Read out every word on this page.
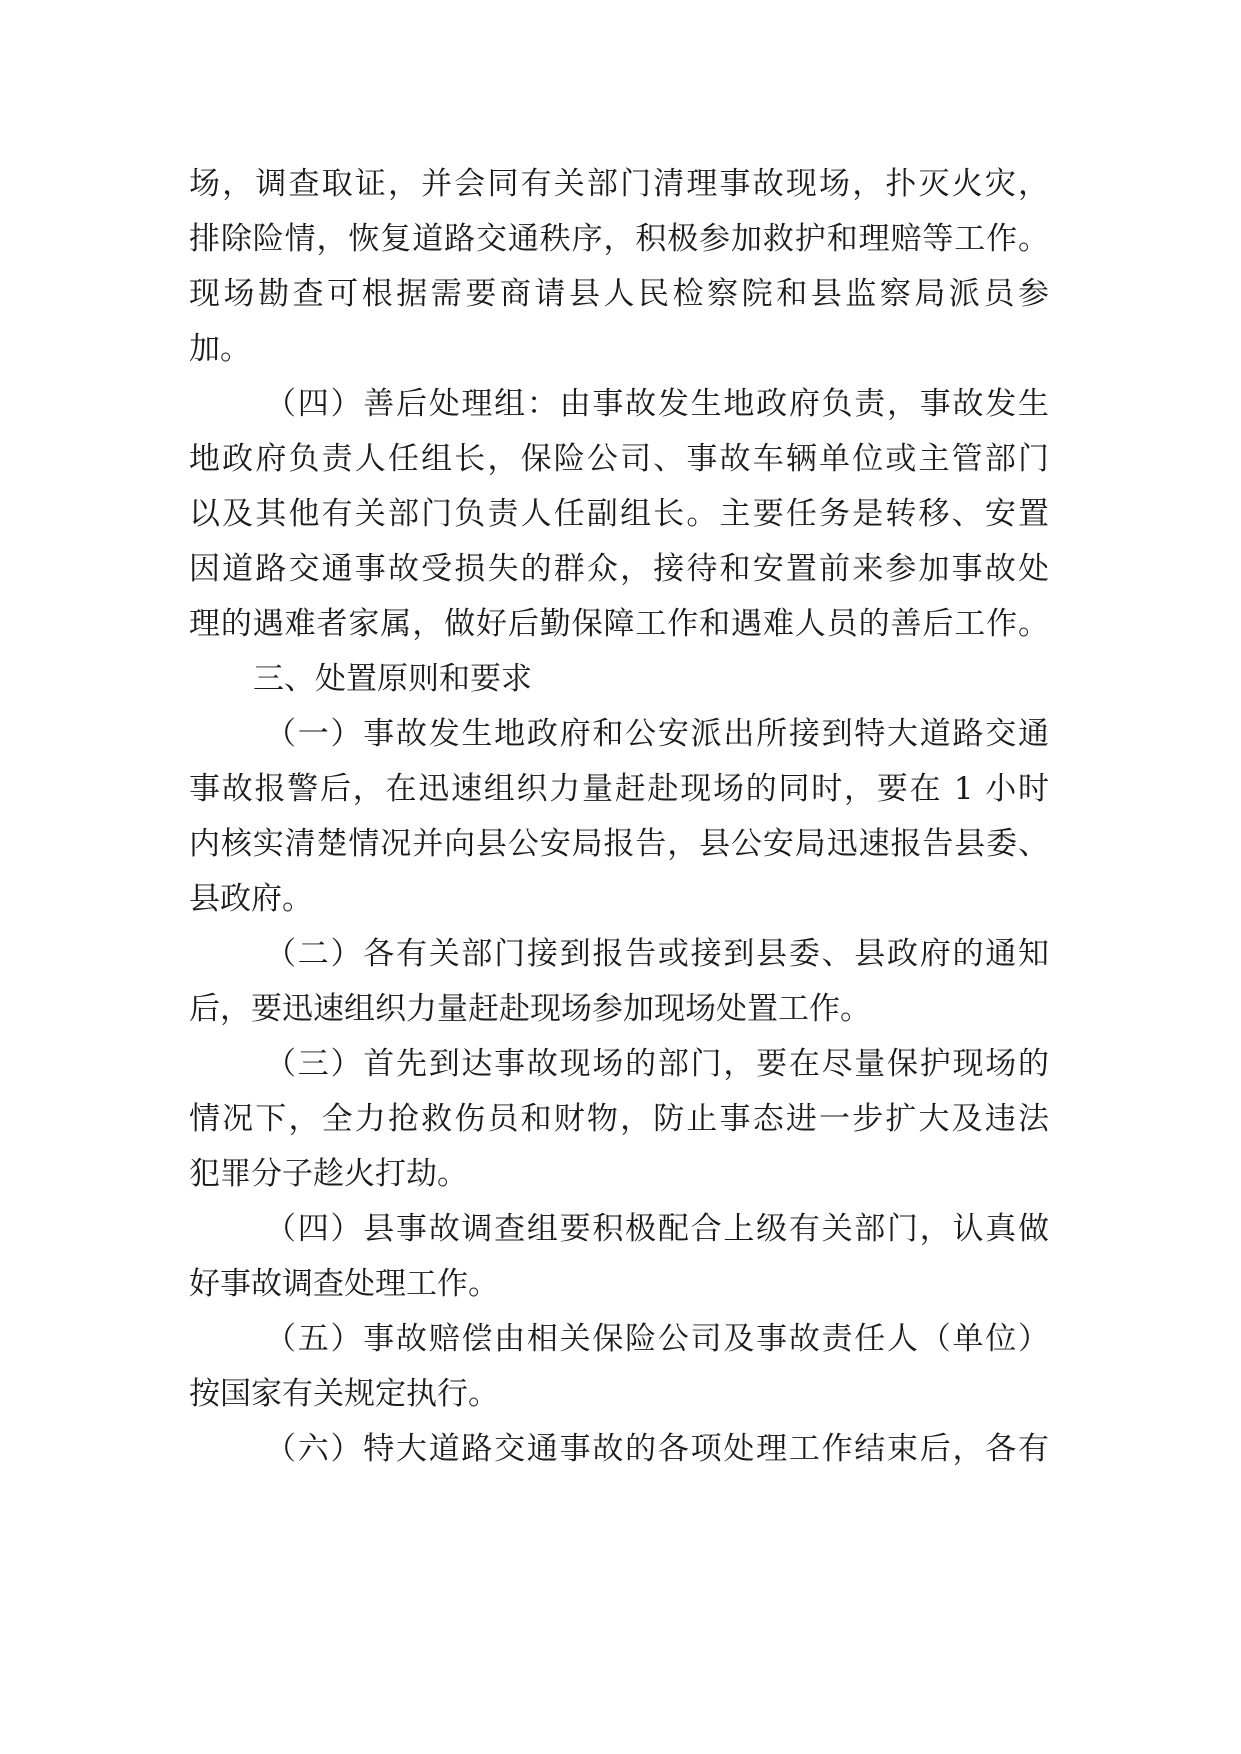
场，调查取证，并会同有关部门清理事故现场，扑灭火灾，
排除险情，恢复道路交通秩序，积极参加救护和理赔等工作。
现场勘查可根据需要商请县人民检察院和县监察局派员参
加。
（四）善后处理组：由事故发生地政府负责，事故发生
地政府负责人任组长，保险公司、事故车辆单位或主管部门
以及其他有关部门负责人任副组长。主要任务是转移、安置
因道路交通事故受损失的群众，接待和安置前来参加事故处
理的遇难者家属，做好后勤保障工作和遇难人员的善后工作。
三、处置原则和要求
（一）事故发生地政府和公安派出所接到特大道路交通
事故报警后，在迅速组织力量赶赴现场的同时，要在 1 小时
内核实清楚情况并向县公安局报告，县公安局迅速报告县委、
县政府。
（二）各有关部门接到报告或接到县委、县政府的通知
后，要迅速组织力量赶赴现场参加现场处置工作。
（三）首先到达事故现场的部门，要在尽量保护现场的
情况下，全力抢救伤员和财物，防止事态进一步扩大及违法
犯罪分子趁火打劫。
（四）县事故调查组要积极配合上级有关部门，认真做
好事故调查处理工作。
（五）事故赔偿由相关保险公司及事故责任人（单位）
按国家有关规定执行。
（六）特大道路交通事故的各项处理工作结束后，各有
